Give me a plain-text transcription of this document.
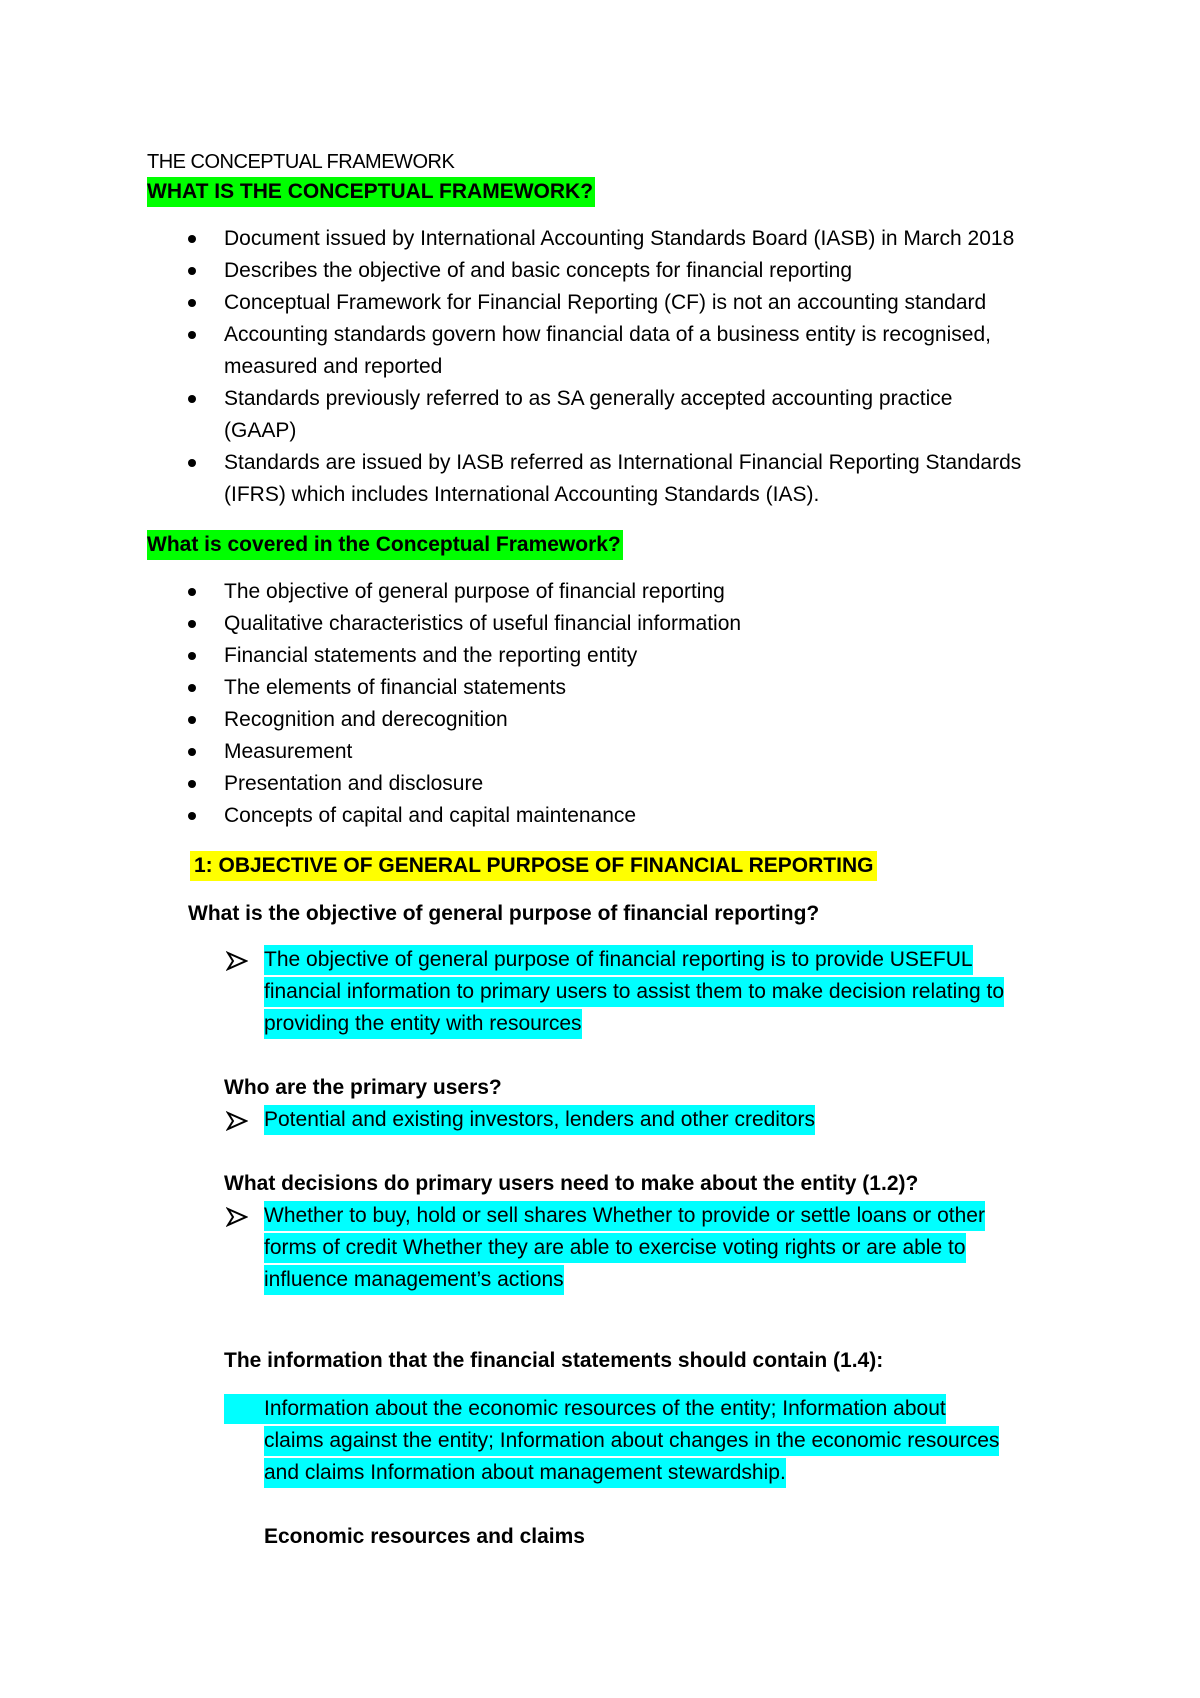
THE CONCEPTUAL FRAMEWORK
WHAT IS THE CONCEPTUAL FRAMEWORK?
Document issued by International Accounting Standards Board (IASB) in March 2018
Describes the objective of and basic concepts for financial reporting
Conceptual Framework for Financial Reporting (CF) is not an accounting standard
Accounting standards govern how financial data of a business entity is recognised,
measured and reported
Standards previously referred to as SA generally accepted accounting practice
(GAAP)
Standards are issued by IASB referred as International Financial Reporting Standards
(IFRS) which includes International Accounting Standards (IAS).
What is covered in the Conceptual Framework?
The objective of general purpose of financial reporting
Qualitative characteristics of useful financial information
Financial statements and the reporting entity
The elements of financial statements
Recognition and derecognition
Measurement
Presentation and disclosure
Concepts of capital and capital maintenance
1: OBJECTIVE OF GENERAL PURPOSE OF FINANCIAL REPORTING
What is the objective of general purpose of financial reporting?
The objective of general purpose of financial reporting is to provide USEFUL
financial information to primary users to assist them to make decision relating to
providing the entity with resources
Who are the primary users?
Potential and existing investors, lenders and other creditors
What decisions do primary users need to make about the entity (1.2)?
Whether to buy, hold or sell shares Whether to provide or settle loans or other
forms of credit Whether they are able to exercise voting rights or are able to
influence management’s actions
The information that the financial statements should contain (1.4):
Information about the economic resources of the entity; Information about
claims against the entity; Information about changes in the economic resources
and claims Information about management stewardship.
Economic resources and claims
